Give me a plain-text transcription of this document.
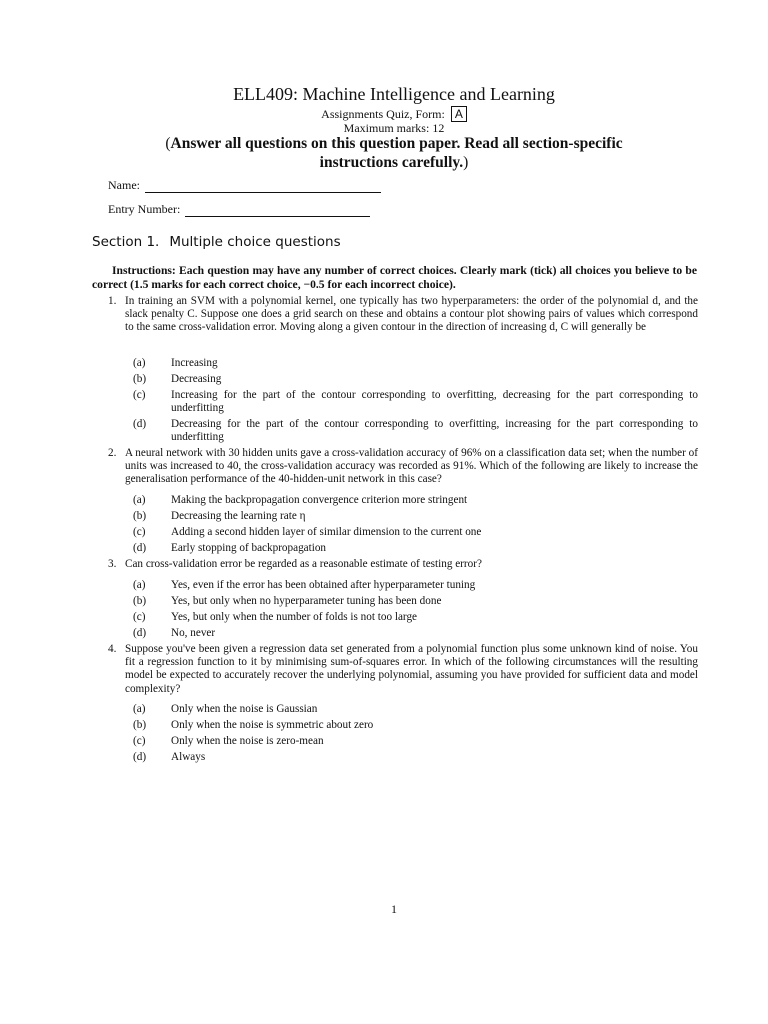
ELL409: Machine Intelligence and Learning
Assignments Quiz, Form: A
Maximum marks: 12
(Answer all questions on this question paper. Read all section-specific
instructions carefully.)
Name:
Entry Number:
Section 1. Multiple choice questions
Instructions: Each question may have any number of correct choices. Clearly mark (tick) all choices you believe to be correct (1.5 marks for each correct choice, −0.5 for each incorrect choice).
1. In training an SVM with a polynomial kernel, one typically has two hyperparameters: the order of the polynomial d, and the slack penalty C. Suppose one does a grid search on these and obtains a contour plot showing pairs of values which correspond to the same cross-validation error. Moving along a given contour in the direction of increasing d, C will generally be
(a) Increasing
(b) Decreasing
(c) Increasing for the part of the contour corresponding to overfitting, decreasing for the part corresponding to underfitting
(d) Decreasing for the part of the contour corresponding to overfitting, increasing for the part corresponding to underfitting
2. A neural network with 30 hidden units gave a cross-validation accuracy of 96% on a classification data set; when the number of units was increased to 40, the cross-validation accuracy was recorded as 91%. Which of the following are likely to increase the generalisation performance of the 40-hidden-unit network in this case?
(a) Making the backpropagation convergence criterion more stringent
(b) Decreasing the learning rate η
(c) Adding a second hidden layer of similar dimension to the current one
(d) Early stopping of backpropagation
3. Can cross-validation error be regarded as a reasonable estimate of testing error?
(a) Yes, even if the error has been obtained after hyperparameter tuning
(b) Yes, but only when no hyperparameter tuning has been done
(c) Yes, but only when the number of folds is not too large
(d) No, never
4. Suppose you've been given a regression data set generated from a polynomial function plus some unknown kind of noise. You fit a regression function to it by minimising sum-of-squares error. In which of the following circumstances will the resulting model be expected to accurately recover the underlying polynomial, assuming you have provided for sufficient data and model complexity?
(a) Only when the noise is Gaussian
(b) Only when the noise is symmetric about zero
(c) Only when the noise is zero-mean
(d) Always
1
